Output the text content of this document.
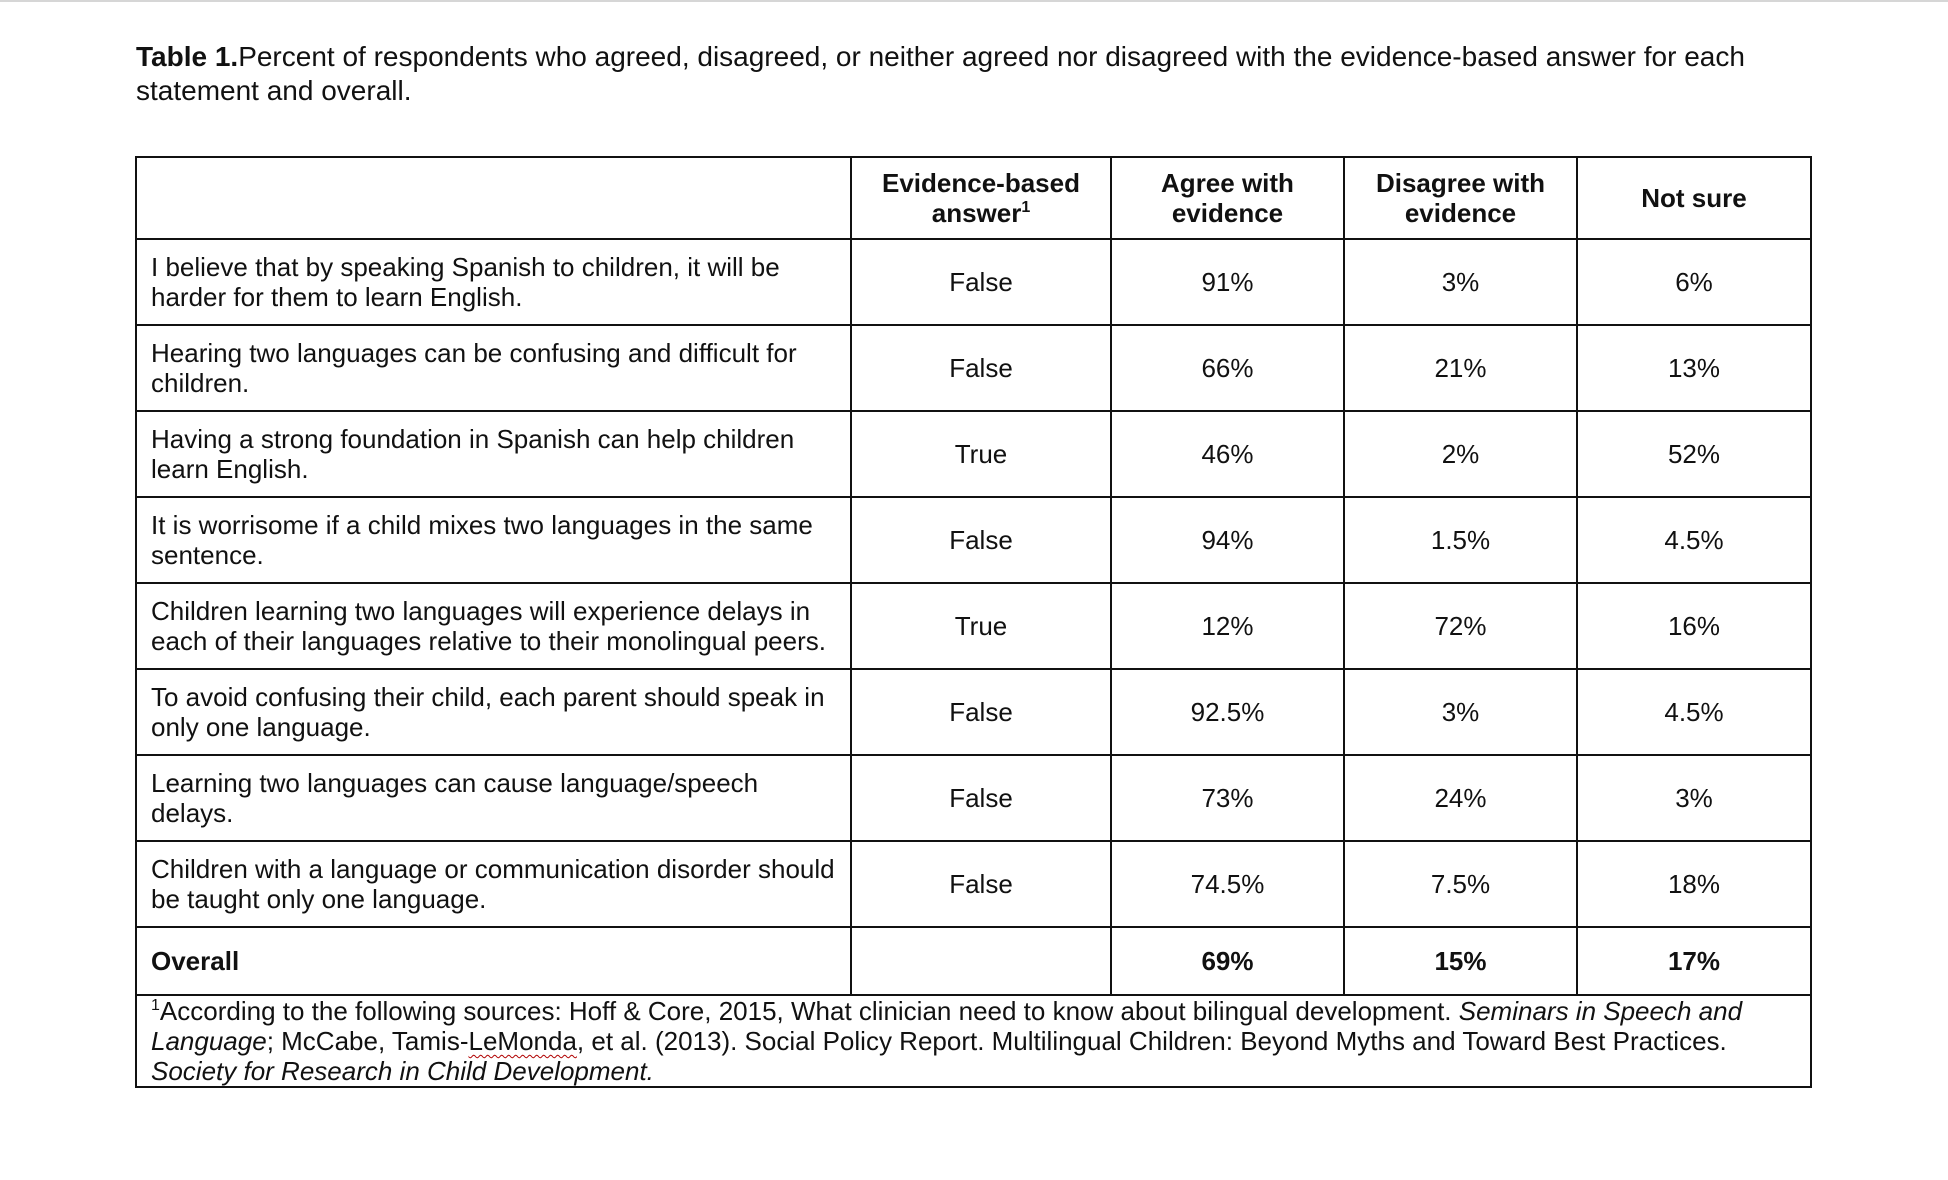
Table 1.Percent of respondents who agreed, disagreed, or neither agreed nor disagreed with the evidence-based answer for each statement and overall.
	Evidence-based answer$^1$	Agree with evidence	Disagree with evidence	Not sure
I believe that by speaking Spanish to children, it will be harder for them to learn English.	False	91%	3%	6%
Hearing two languages can be confusing and difficult for children.	False	66%	21%	13%
Having a strong foundation in Spanish can help children learn English.	True	46%	2%	52%
It is worrisome if a child mixes two languages in the same sentence.	False	94%	1.5%	4.5%
Children learning two languages will experience delays in each of their languages relative to their monolingual peers.	True	12%	72%	16%
To avoid confusing their child, each parent should speak in only one language.	False	92.5%	3%	4.5%
Learning two languages can cause language/speech delays.	False	73%	24%	3%
Children with a language or communication disorder should be taught only one language.	False	74.5%	7.5%	18%
Overall		69%	15%	17%
$^1$According to the following sources: Hoff & Core, 2015, What clinician need to know about bilingual development. Seminars in Speech and Language; McCabe, Tamis-LeMonda, et al. (2013). Social Policy Report. Multilingual Children: Beyond Myths and Toward Best Practices. Society for Research in Child Development.				
